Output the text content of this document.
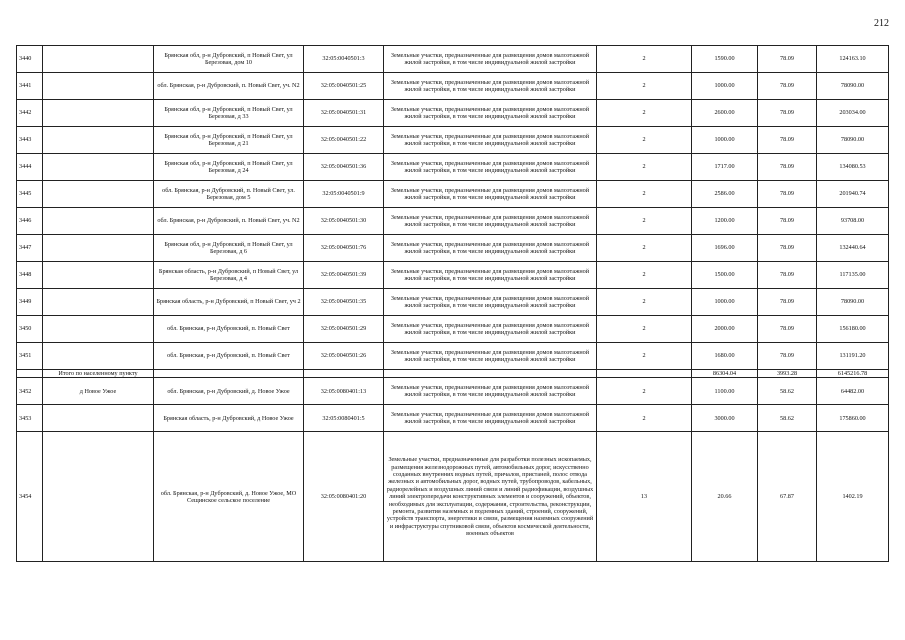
212
3440		Брянская обл, р-н Дубровский, п Новый Свет, ул Березовая, дом 10	32:05:0040501:3	Земельные участки, предназначенные для размещения домов малоэтажной жилой застройки, в том числе индивидуальной жилой застройки	2	1590.00	78.09	124163.10
3441		обл. Брянская, р-н Дубровский, п. Новый Свет, уч. N2	32:05:0040501:25	Земельные участки, предназначенные для размещения домов малоэтажной жилой застройки, в том числе индивидуальной жилой застройки	2	1000.00	78.09	78090.00
3442		Брянская обл, р-н Дубровский, п Новый Свет, ул Березовая, д 33	32:05:0040501:31	Земельные участки, предназначенные для размещения домов малоэтажной жилой застройки, в том числе индивидуальной жилой застройки	2	2600.00	78.09	203034.00
3443		Брянская обл, р-н Дубровский, п Новый Свет, ул Березовая, д 21	32:05:0040501:22	Земельные участки, предназначенные для размещения домов малоэтажной жилой застройки, в том числе индивидуальной жилой застройки	2	1000.00	78.09	78090.00
3444		Брянская обл, р-н Дубровский, п Новый Свет, ул Березовая, д 24	32:05:0040501:36	Земельные участки, предназначенные для размещения домов малоэтажной жилой застройки, в том числе индивидуальной жилой застройки	2	1717.00	78.09	134080.53
3445		обл. Брянская, р-н Дубровский, п. Новый Свет, ул. Березовая, дом 5	32:05:0040501:9	Земельные участки, предназначенные для размещения домов малоэтажной жилой застройки, в том числе индивидуальной жилой застройки	2	2586.00	78.09	201940.74
3446		обл. Брянская, р-н Дубровский, п. Новый Свет, уч. N2	32:05:0040501:30	Земельные участки, предназначенные для размещения домов малоэтажной жилой застройки, в том числе индивидуальной жилой застройки	2	1200.00	78.09	93708.00
3447		Брянская обл, р-н Дубровский, п Новый Свет, ул Березовая, д 6	32:05:0040501:76	Земельные участки, предназначенные для размещения домов малоэтажной жилой застройки, в том числе индивидуальной жилой застройки	2	1696.00	78.09	132440.64
3448		Брянская область, р-н Дубровский, п Новый Свет, ул Березовая, д 4	32:05:0040501:39	Земельные участки, предназначенные для размещения домов малоэтажной жилой застройки, в том числе индивидуальной жилой застройки	2	1500.00	78.09	117135.00
3449		Брянская область, р-н Дубровский, п Новый Свет, уч 2	32:05:0040501:35	Земельные участки, предназначенные для размещения домов малоэтажной жилой застройки, в том числе индивидуальной жилой застройки	2	1000.00	78.09	78090.00
3450		обл. Брянская, р-н Дубровский, п. Новый Свет	32:05:0040501:29	Земельные участки, предназначенные для размещения домов малоэтажной жилой застройки, в том числе индивидуальной жилой застройки	2	2000.00	78.09	156180.00
3451		обл. Брянская, р-н Дубровский, п. Новый Свет	32:05:0040501:26	Земельные участки, предназначенные для размещения домов малоэтажной жилой застройки, в том числе индивидуальной жилой застройки	2	1680.00	78.09	131191.20
	Итого по населенному пункту					86304.04	3993.28	6145216.78
3452	д Новое Ужое	обл. Брянская, р-н Дубровский, д. Новое Ужое	32:05:0080401:13	Земельные участки, предназначенные для размещения домов малоэтажной жилой застройки, в том числе индивидуальной жилой застройки	2	1100.00	58.62	64482.00
3453		Брянская область, р-н Дубровский, д Новое Ужое	32:05:0080401:5	Земельные участки, предназначенные для размещения домов малоэтажной жилой застройки, в том числе индивидуальной жилой застройки	2	3000.00	58.62	175860.00
3454		обл. Брянская, р-н Дубровский, д. Новое Ужое, МО Сещинское сельское поселение	32:05:0080401:20	Земельные участки, предназначенные для разработки полезных ископаемых, размещения железнодорожных путей, автомобильных дорог, искусственно созданных внутренних водных путей, причалов, пристаней, полос отвода железных и автомобильных дорог, водных путей, трубопроводов, кабельных, радиорелейных и воздушных линий связи и линий радиофикации, воздушных линий электропередачи конструктивных элементов и сооружений, объектов, необходимых для эксплуатации, содержания, строительства, реконструкции, ремонта, развития наземных и подземных зданий, строений, сооружений, устройств транспорта, энергетики и связи, размещения наземных сооружений и инфраструктуры спутниковой связи, объектов космической деятельности, военных объектов	13	20.66	67.87	1402.19
